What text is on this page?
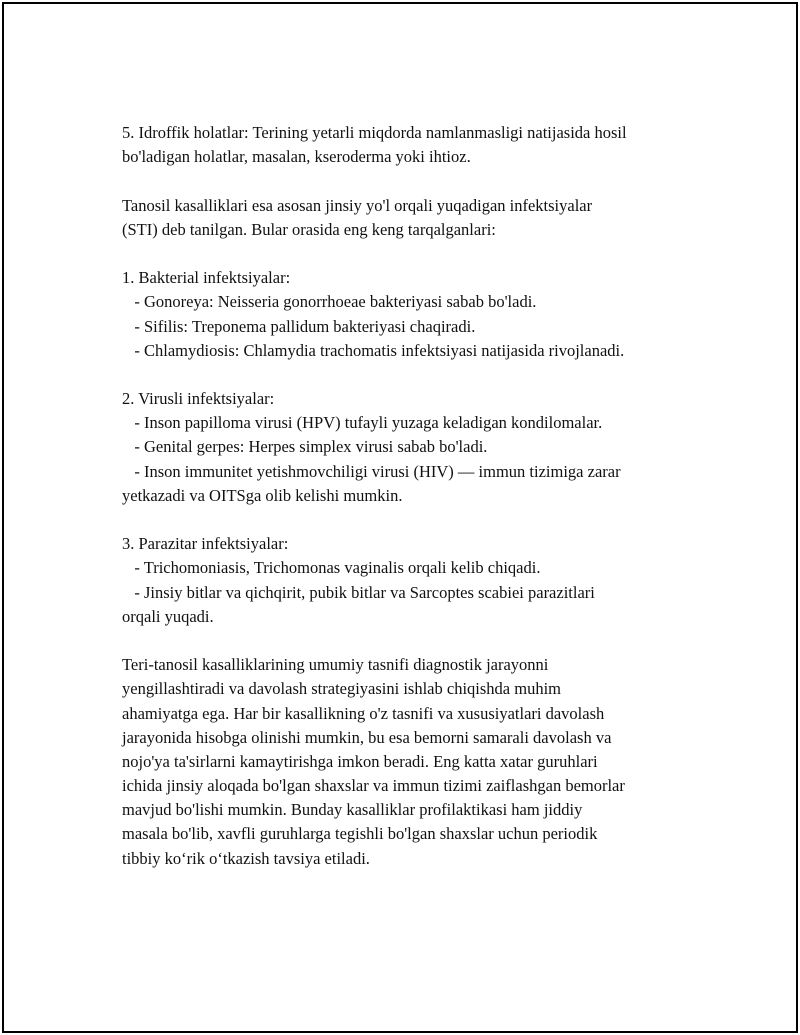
5. Idroffik holatlar: Terining yetarli miqdorda namlanmasligi natijasida hosil
bo'ladigan holatlar, masalan, kseroderma yoki ihtioz.
Tanosil kasalliklari esa asosan jinsiy yo'l orqali yuqadigan infektsiyalar
(STI) deb tanilgan. Bular orasida eng keng tarqalganlari:
1. Bakterial infektsiyalar:
- Gonoreya: Neisseria gonorrhoeae bakteriyasi sabab bo'ladi.
- Sifilis: Treponema pallidum bakteriyasi chaqiradi.
- Chlamydiosis: Chlamydia trachomatis infektsiyasi natijasida rivojlanadi.
2. Virusli infektsiyalar:
- Inson papilloma virusi (HPV) tufayli yuzaga keladigan kondilomalar.
- Genital gerpes: Herpes simplex virusi sabab bo'ladi.
- Inson immunitet yetishmovchiligi virusi (HIV) — immun tizimiga zarar
yetkazadi va OITSga olib kelishi mumkin.
3. Parazitar infektsiyalar:
- Trichomoniasis, Trichomonas vaginalis orqali kelib chiqadi.
- Jinsiy bitlar va qichqirit, pubik bitlar va Sarcoptes scabiei parazitlari
orqali yuqadi.
Teri-tanosil kasalliklarining umumiy tasnifi diagnostik jarayonni
yengillashtiradi va davolash strategiyasini ishlab chiqishda muhim
ahamiyatga ega. Har bir kasallikning o'z tasnifi va xususiyatlari davolash
jarayonida hisobga olinishi mumkin, bu esa bemorni samarali davolash va
nojo'ya ta'sirlarni kamaytirishga imkon beradi. Eng katta xatar guruhlari
ichida jinsiy aloqada bo'lgan shaxslar va immun tizimi zaiflashgan bemorlar
mavjud bo'lishi mumkin. Bunday kasalliklar profilaktikasi ham jiddiy
masala bo'lib, xavfli guruhlarga tegishli bo'lgan shaxslar uchun periodik
tibbiy koʻrik oʻtkazish tavsiya etiladi.
